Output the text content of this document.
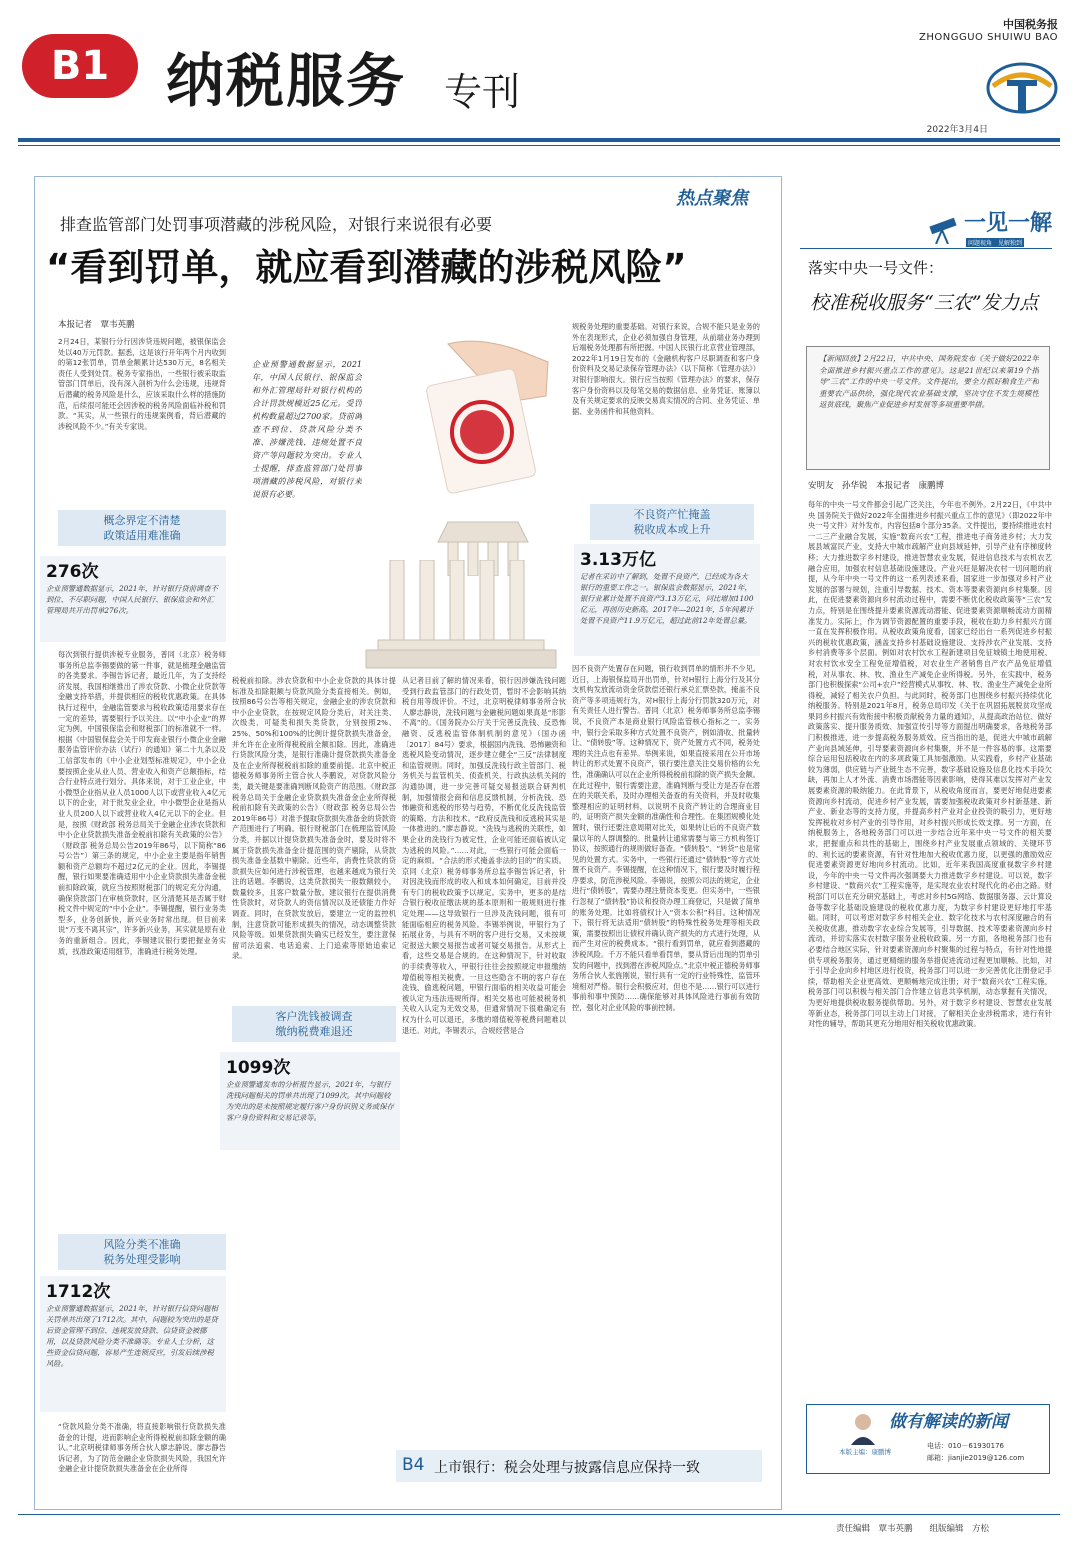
B1 纳税服务 专刊
中国税务报
ZHONGGUO SHUIWU BAO
2022年3月4日
热点聚焦
排查监管部门处罚事项潜藏的涉税风险，对银行来说很有必要
“看到罚单，就应看到潜藏的涉税风险”
本报记者　覃韦英鹏
2月24日，某银行分行因涉贷违规问题，被银保监会处以40万元罚款。据悉，这是该行开年两个月内收到的第12张罚单，罚单金额累计达530万元，8名相关责任人受到处罚。税务专家指出，一些银行被采取监管部门罚单后，没有深入剖析为什么会违规，违规背后潜藏的税务风险是什么，应该采取什么样的措施防范，后续很可能还会因涉税的税务风险面临补税和罚款。“其实，从一些银行的违规案例看，背后潜藏的涉税风险不少。”有关专家说。
概念界定不清楚
政策适用难准确
276次
企业预警通数据显示，2021年，针对银行贷前调查不到位、不尽职问题，中国人民银行、银保监会和外汇管理局共开出罚单276次。
每次到银行提供涉税专业服务，普同（北京）税务师事务所总监李锡要做的第一件事，就是梳理金融监管的各类要求。李锡告诉记者，最近几年，为了支持经济发展，我国相继推出了涉农贷款、小微企业贷款等金融支持举措，并提供相应的税收优惠政策。在具体执行过程中，金融监管要求与税收政策适用要求存在一定的差异，需要银行予以关注。以“中小企业”的界定为例，中国银保监会和财税部门的标准就不一样。根据《中国银保监会关于印发商业银行小微企业金融服务监管评价办法（试行）的通知》第二十九条以及工信部发布的《中小企业划型标准规定》，中小企业要按照企业从业人员、营业收入和资产总额指标，结合行业特点进行划分。具体来说，对于工业企业，中小微型企业指从业人员1000人以下或营业收入4亿元以下的企业，对于批发业企业，中小微型企业是指从业人员200人以下或营业收入4亿元以下的企业。但是，按照《财政部 税务总局关于金融企业涉农贷款和中小企业贷款损失准备金税前扣除有关政策的公告》（财政部 税务总局公告2019年86号，以下简称“86号公告”）第三条的规定，中小企业主要是指年销售额和资产总额均不超过2亿元的企业。因此，李锡提醒，银行如果要准确适用中小企业贷款损失准备金税前扣除政策，就应当按照财税部门的规定充分沟通，确保贷款部门在审核贷款时，区分清楚其是否属于财税文件中规定的“中小企业”。李锡提醒，银行业务类型多，业务创新快，新兴业务时常出现。但目前来说“万变不离其宗”，许多新兴业务，其实就是原有业务的重新组合。因此，李锡建议银行要把握业务实质，找准政策适用细节，准确进行税务处理。
风险分类不准确
税务处理受影响
1712次
企业预警通数据显示，2021年，针对银行信贷问题相关罚单共出现了1712次。其中，问题较为突出的是贷后资金管理不到位、违规发放贷款、信贷资金被挪用，以及贷款风险分类不准确等。专业人士分析，这些资金信贷问题，容易产生连锁反应，引发后续涉税风险。
“贷款风险分类不准确，将直接影响银行贷款损失准备金的计提，进而影响企业所得税税前扣除金额的确认。”北京明税律师事务所合伙人廖志静说。廖志静告诉记者，为了防范金融企业贷款损失风险，我国允许金融企业计提贷款损失准备金在企业所得
企业预警通数据显示，2021年，中国人民银行、银保监会和外汇管理局针对银行机构的合计罚款规模近25亿元。受罚机构数量超过2700家。贷前调查不到位、贷款风险分类不准、涉嫌洗钱、违规处置不良资产等问题较为突出。专业人士提醒，排查监管部门处罚事项潜藏的涉税风险，对银行来说很有必要。
税税前扣除。涉农贷款和中小企业贷款的具体计提标准及扣除限额与贷款风险分类直接相关。例如，按照86号公告等相关规定，金融企业的涉农贷款和中小企业贷款，在按规定风险分类后，对关注类、次级类、可疑类和损失类贷款，分别按照2%、25%、50%和100%的比例计提贷款损失准备金，并允许在企业所得税税前全额扣除。因此，准确进行贷款风险分类，是银行准确计提贷款损失准备金及在企业所得税税前扣除的重要前提。北京中税正德税务师事务所主管合伙人李鹏说，对贷款风险分类，最关键是要准确判断风险资产的范围。《财政部 税务总局关于金融企业贷款损失准备金企业所得税税前扣除有关政策的公告》（财政部 税务总局公告2019年86号）对准予提取贷款损失准备金的贷款资产范围进行了明确。银行财税部门在梳理监管风险分类，并据以计提贷款损失准备金时，要及时将不属于贷款损失准备金计提范围的资产剔除，从贷款损失准备金基数中剔除。近些年，消费性贷款的贷款损失应如何进行涉税管理，也越来越成为银行关注的话题。李鹏说，这类贷款损失一般数额较小，数量较多，且客户数量分散。建议银行在提供消费性贷款时，对贷款人的资信情况以及还债能力作好调查。同时，在贷款发放后，要建立一定的监控机制，注意贷款可能形成损失的情况，动态调整贷款风险等级。如果贷款损失确实已经发生，要注意保留司法追索、电话追索、上门追索等原始追索记录。
客户洗钱被调查
缴纳税费难退还
1099次
企业预警通发布的分析报告显示，2021年，与银行洗钱问题相关的罚单共出现了1099次。其中问题较为突出的是未按照规定履行客户身份识别义务或保存客户身份资料和交易记录等。
从记者目前了解的情况来看，银行因涉嫌洗钱问题受到行政监管部门的行政处罚，暂时不会影响其纳税自用等级评价。不过，北京明税律师事务所合伙人廖志静说，洗钱问题与金融税问题如果真是“形影不离”的。《国务院办公厅关于完善反洗钱、反恐怖融资、反逃税监管体制机制的意见》（国办函〔2017〕84号）要求，根据国内洗钱、恐怖融资和逃税风险变动情况，逐步建立健全“三反”法律制度和监管规则。同时，加强反洗钱行政主管部门、税务机关与监管机关、侦查机关、行政执法机关间的沟通协调，进一步完善可疑交易报送联合研判机制，加强情报会商和信息反馈机制，分析洗钱、恐怖融资和逃税的形势与趋势，不断优化反洗钱监管的策略、方法和技术。“政府反洗钱和反逃税其实是一体推进的。”廖志静说。“洗钱与逃税的关联性，如果企业的洗钱行为被定性，企业可能还面临被认定为逃税的风险。”……对此，一些银行可能会面临一定的麻烦。“合法的形式掩盖非法的目的”的实质。京同（北京）税务师事务所总监李锡告诉记者，针对因洗钱而形成的收入和成本如何确定，目前并没有专门的税收政策予以规定。实务中，更多的是结合银行税收征缴法规的基本原则和一般规则进行推定处理——这导致银行一旦涉及洗钱问题，很有可能面临相应的税务风险。李锡举例说，甲银行为了拓展业务，与具有不明的客户进行交易，又未按规定报送大额交易报告或者可疑交易报告。从形式上看，这些交易是合规的。在这种情况下，针对收取的手续费等收入，甲银行往往会按照规定申报缴纳增值税等相关税费。一旦这些隐含不明的客户存在洗钱、偷逃税问题，甲银行面临的相关收益可能会被认定为违法违规所得。相关交易也可能被税务机关收入认定为无效交易，但通常情况下很难确定有权为什么可以退还，多缴的增值税等税费问题难以退还。对此，李锡表示，合规经营是合
规税务处理的重要基础。对银行来说，合规不能只是业务的外在表现形式，企业必须加强自身管理，从前端业务办理到后端税务处理都有所把握。中国人民银行北京营业管理部，2022年1月19日发布的《金融机构客户尽职调查和客户身份资料及交易记录保存管理办法》（以下简称《管理办法》）对银行影响很大。银行应当按照《管理办法》的要求，保存客户身份资料以及每笔交易的数据信息、业务凭证、账簿以及有关规定要求的反映交易真实情况的合同、业务凭证、单据、业务函件和其他资料。
不良资产忙掩盖
税收成本或上升
3.13万亿
记者在采访中了解到，处置不良资产，已经成为各大银行的重要工作之一。银保监会数据显示，2021年，银行业累计处置不良资产3.13万亿元，同比增加1100亿元，再创历史新高。2017年—2021年，5年间累计处置不良资产11.9万亿元，超过此前12年处置总量。
因不良资产处置存在问题，银行收到罚单的情形并不少见。近日，上海银保监局开出罚单，针对H银行上海分行及其分支机构发放流动资金贷款偿还银行承兑汇票垫款，掩盖不良资产等多项违规行为，对H银行上海分行罚款320万元，对有关责任人进行警告。普同（北京）税务师事务所总监李锡说，不良资产本是商业银行风险监管核心指标之一。实务中，银行会采取多种方式处置不良资产，例如清收、批量转让、“债转股”等。这种情况下，资产处置方式不同，税务处理的关注点也有差异。举例来说，如果直接采用在公开市场转让的形式处置不良资产，银行要注意关注交易价格的公允性，准确确认可以在企业所得税税前扣除的资产损失金额。在此过程中，银行需要注意，准确判断与受让方是否存在潜在的关联关系，及时办理相关备查的有关资料，并及时收集整理相应的证明材料，以说明不良资产转让的合理商业目的，证明资产损失金额的准确性和合理性。在集团规模化处置时，银行还要注意周期对比关，如果转让后的不良资产数量以年的人群调整的。批量转让通常需要与第三方机构签订协议，按照通行的规则做好备查。“债转股”、“转贷”也是常见的处置方式。实务中，一些银行还通过“债转股”等方式处置不良资产。李锡提醒，在这种情况下，银行要及时履行程序要求，防范涉税风险。李锡说，按照公司法的规定，企业进行“债转股”，需要办理注册资本变更。但实务中，一些银行忽视了“债转股”协议和投资办理工商登记，只是做了简单的账务处理。比如将债权计入“资本公积”科目。这种情况下，银行将无法适用“债转股”的特殊性税务处理等相关政策，需要按照出让债权并确认资产损失的方式进行处理，从而产生对应的税费成本。“银行看到罚单，就应看到潜藏的涉税风险。千万不能只看单看罚单，要从背后出现的罚单引发的问题中，找到潜在涉税风险点。”北京中税正德税务师事务所合伙人张旌刚说，银行具有一定的行业特殊性，监管环境相对严格。银行会积极应对，但也不是……银行可以进行事前和事中预防……确保能够对具体风险进行事前有效防控，强化对企业风险的事前控制。
B4 上市银行：税会处理与披露信息应保持一致
一见一解
问题视角　见解独到
落实中央一号文件：
校准税收服务“三农”发力点
【新闻回放】2月22日，中共中央、国务院发布《关于做好2022年全面推进乡村振兴重点工作的意见》。这是21世纪以来第19个指导“三农”工作的中央一号文件。文件提出，要全力抓好粮食生产和重要农产品供给，强化现代农业基础支撑，坚决守住不发生规模性返贫底线，聚焦产业促进乡村发展等多项重要举措。
安明友　孙华锐　本报记者　康鹏博
每年的中央一号文件都会引起广泛关注，今年也不例外。2月22日，《中共中央 国务院关于做好2022年全面推进乡村振兴重点工作的意见》（即2022年中央一号文件）对外发布，内容包括8个部分35条。文件提出，要持续推进农村一二三产业融合发展，实施“数商兴农”工程，推进电子商务进乡村；大力发展县域富民产业，支持大中城市疏解产业向县域延伸，引导产业有序梯度转移；大力推进数字乡村建设，推进智慧农业发展，促进信息技术与农机农艺融合应用，加强农村信息基础设施建设。产业兴旺是解决农村一切问题的前提，从今年中央一号文件的这一系列表述来看，国家进一步加强对乡村产业发展的部署与规划，注重引导数据、技术、资本等要素资源向乡村集聚。因此，在促进要素资源向乡村流动过程中，需要不断优化税收政策等“三农”发力点，特别是在围绕提升要素资源流动潜能、促进要素资源顺畅流动方面精准发力。实际上，作为调节资源配置的重要手段，税收在助力乡村振兴方面一直在发挥积极作用。从税收政策角度看，国家已经出台一系列促进乡村振兴的税收优惠政策，涵盖支持乡村基础设施建设、支持涉农产业发展、支持乡村消费等多个层面。例如对农村饮水工程新建项目免征城镇土地使用税、对农村饮水安全工程免征增值税，对农业生产者销售自产农产品免征增值税，对从事农、林、牧、渔业生产减免企业所得税。另外，在实践中，税务部门也积极探索“公司+农户”经营模式从事牧、林、牧、渔业生产减免企业所得税，减轻了相关农户负担。与此同时，税务部门也围绕乡村振兴持续优化纳税服务。特别是2021年8月，税务总局印发《关于在巩固拓展脱贫攻坚成果同乡村振兴有效衔接中积极贡献税务力量的通知》，从提高政治站位、做好政策落实、提升服务质效、加强宣传引导等方面提出明确要求，各地税务部门积极推进，进一步提高税务服务质效。应当指出的是，促进大中城市疏解产业向县域延伸，引导要素资源向乡村集聚，并不是一件容易的事。这需要综合运用包括税收在内的多项政策工具加强激励。从实践看，乡村产业基础较为薄弱，供应链与产业链生态不完善，数字基础设施及信息化技术手段欠缺，再加上人才外流、消费市场潜能等因素影响，使得其难以发挥对产业发展要素资源的吸纳能力。在此背景下，从税收角度而言，要更好地促进要素资源向乡村流动，促进乡村产业发展，需要加强税收政策对乡村新基建、新产业、新业态等的支持力度，并提高乡村产业对企业投资的吸引力，更好地发挥税收对乡村产业的引导作用，对乡村振兴形成长效支撑。另一方面，在纳税服务上，各地税务部门可以进一步结合近年来中央一号文件的相关要求，把握重点和共性的基础上，围绕乡村产业发展重点领域的、关键环节的、利长远的要素资源，有针对性地加大税收优惠力度，以更强的激励效应促进要素资源更好地向乡村流动。比如，近年来我国高度重视数字乡村建设，今年的中央一号文件再次强调要大力推进数字乡村建设。可以说，数字乡村建设、“数商兴农”工程实施等，是实现农业农村现代化的必由之路。财税部门可以在充分研究基础上，考虑对乡村5G网络、数据服务器、云计算设备等数字化基础设施建设的税收优惠力度，为数字乡村建设更好地打牢基础。同时，可以考虑对数字乡村相关企业、数字化技术与农村深度融合的有关税收优惠，推动数字农业综合发展等，引导数据、技术等要素资源向乡村流动，并切实落实农村数字服务业税收政策。另一方面，各地税务部门也有必要结合地区实际，针对要素资源向乡村聚集的过程与特点，有针对性地提供专项税务服务，通过更精细的服务举措促进流动过程更加顺畅。比如，对于引导企业向乡村地区进行投资，税务部门可以进一步完善优化注册登记手续，帮助相关企业更高效、更顺畅地完成注册；对于“数商兴农”工程实施，税务部门可以积极与相关部门合作建立信息共享机制，动态掌握有关情况，为更好地提供税收服务提供帮助。另外，对于数字乡村建设、智慧农业发展等新业态，税务部门可以主动上门对接，了解相关企业涉税需求，进行有针对性的辅导，帮助其更充分地用好相关税收优惠政策。
做有解读的新闻
本版主编：康鹏博
电话：010－61930176
邮箱：jianjie2019@126.com
责任编辑　覃韦英鹏　　组版编辑　方松
